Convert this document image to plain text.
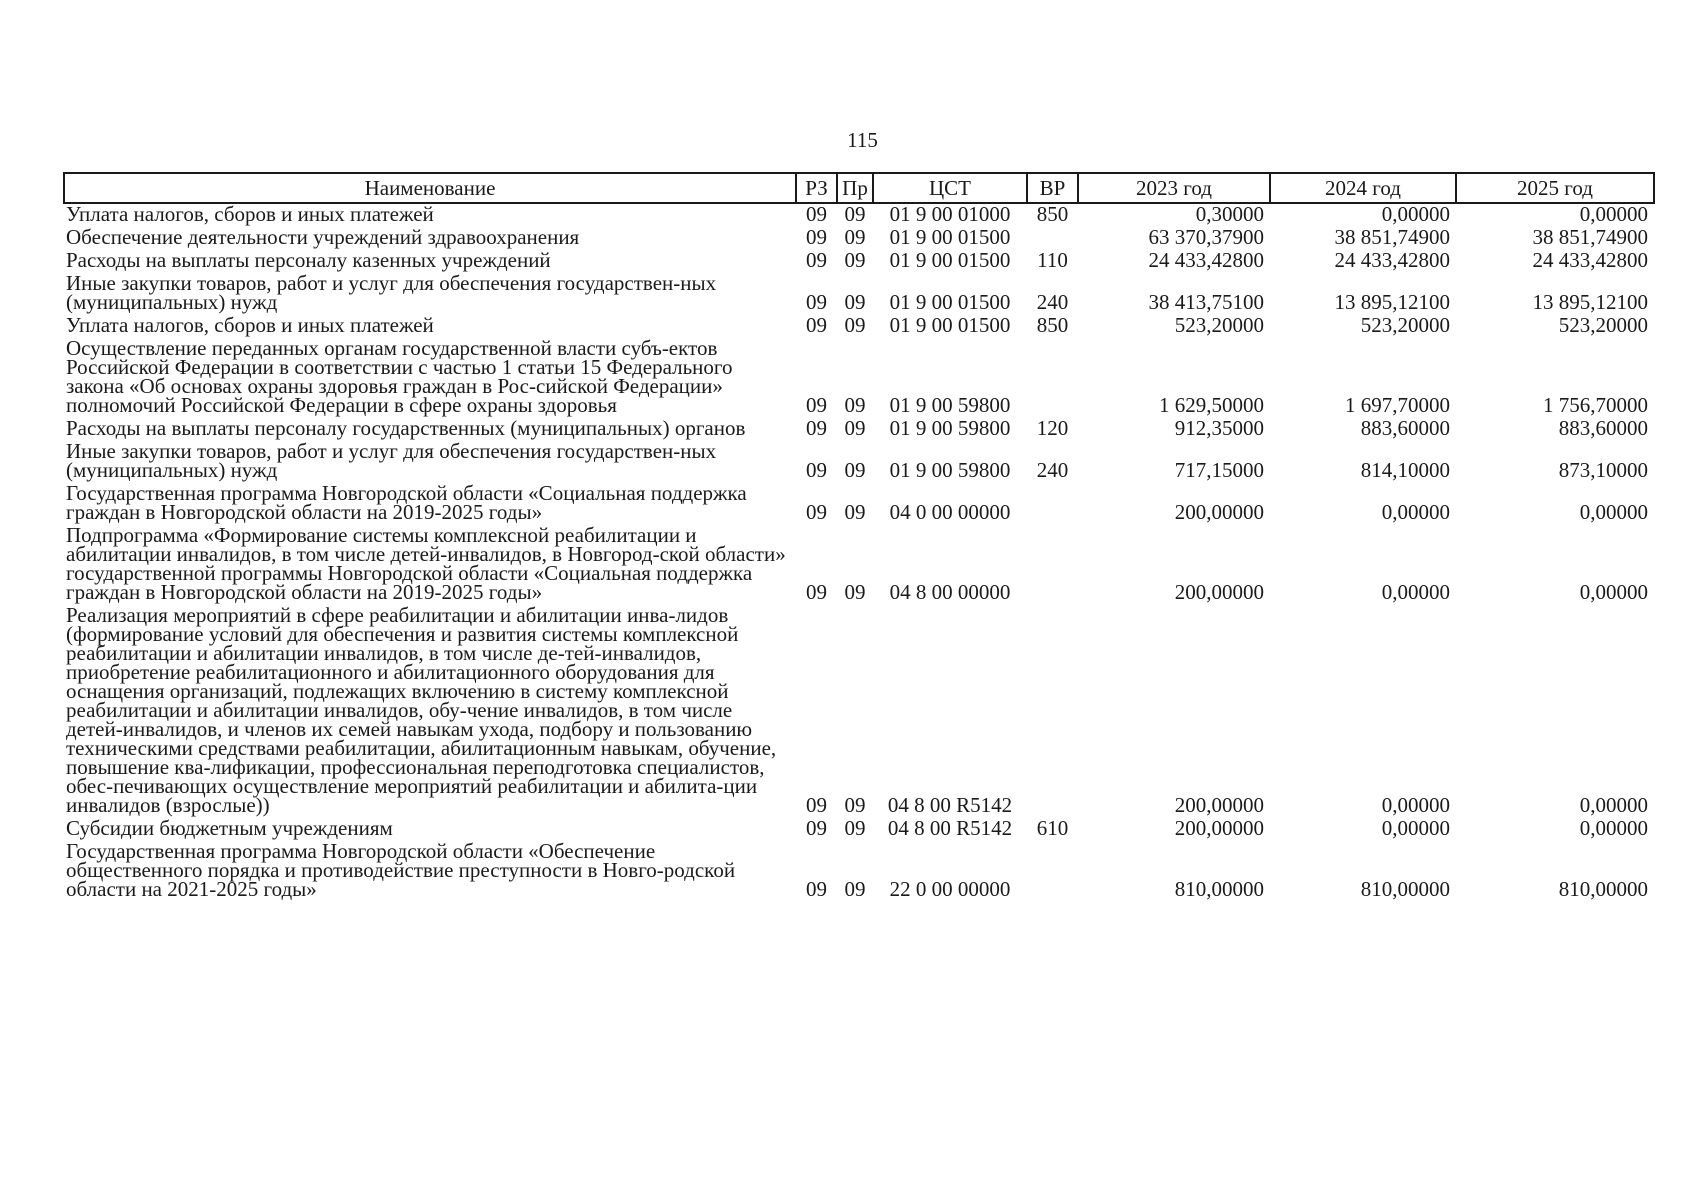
115
Наименование	РЗ	Пр	ЦСТ	ВР	2023 год	2024 год	2025 год
Уплата налогов, сборов и иных платежей	09	09	01 9 00 01000	850	0,30000	0,00000	0,00000
Обеспечение деятельности учреждений здравоохранения	09	09	01 9 00 01500		63 370,37900	38 851,74900	38 851,74900
Расходы на выплаты персоналу казенных учреждений	09	09	01 9 00 01500	110	24 433,42800	24 433,42800	24 433,42800
Иные закупки товаров, работ и услуг для обеспечения государствен-ных (муниципальных) нужд	09	09	01 9 00 01500	240	38 413,75100	13 895,12100	13 895,12100
Уплата налогов, сборов и иных платежей	09	09	01 9 00 01500	850	523,20000	523,20000	523,20000
Осуществление переданных органам государственной власти субъ-ектов Российской Федерации в соответствии с частью 1 статьи 15 Федерального закона «Об основах охраны здоровья граждан в Рос-сийской Федерации» полномочий Российской Федерации в сфере охраны здоровья	09	09	01 9 00 59800		1 629,50000	1 697,70000	1 756,70000
Расходы на выплаты персоналу государственных (муниципальных) органов	09	09	01 9 00 59800	120	912,35000	883,60000	883,60000
Иные закупки товаров, работ и услуг для обеспечения государствен-ных (муниципальных) нужд	09	09	01 9 00 59800	240	717,15000	814,10000	873,10000
Государственная программа Новгородской области «Социальная поддержка граждан в Новгородской области на 2019-2025 годы»	09	09	04 0 00 00000		200,00000	0,00000	0,00000
Подпрограмма «Формирование системы комплексной реабилитации и абилитации инвалидов, в том числе детей-инвалидов, в Новгород-ской области» государственной программы Новгородской области «Социальная поддержка граждан в Новгородской области на 2019-2025 годы»	09	09	04 8 00 00000		200,00000	0,00000	0,00000
Реализация мероприятий в сфере реабилитации и абилитации инва-лидов (формирование условий для обеспечения и развития системы комплексной реабилитации и абилитации инвалидов, в том числе де-тей-инвалидов, приобретение реабилитационного и абилитационного оборудования для оснащения организаций, подлежащих включению в систему комплексной реабилитации и абилитации инвалидов, обу-чение инвалидов, в том числе детей-инвалидов, и членов их семей навыкам ухода, подбору и пользованию техническими средствами реабилитации, абилитационным навыкам, обучение, повышение ква-лификации, профессиональная переподготовка специалистов, обес-печивающих осуществление мероприятий реабилитации и абилита-ции инвалидов (взрослые))	09	09	04 8 00 R5142		200,00000	0,00000	0,00000
Субсидии бюджетным учреждениям	09	09	04 8 00 R5142	610	200,00000	0,00000	0,00000
Государственная программа Новгородской области «Обеспечение общественного порядка и противодействие преступности в Новго-родской области на 2021-2025 годы»	09	09	22 0 00 00000		810,00000	810,00000	810,00000
